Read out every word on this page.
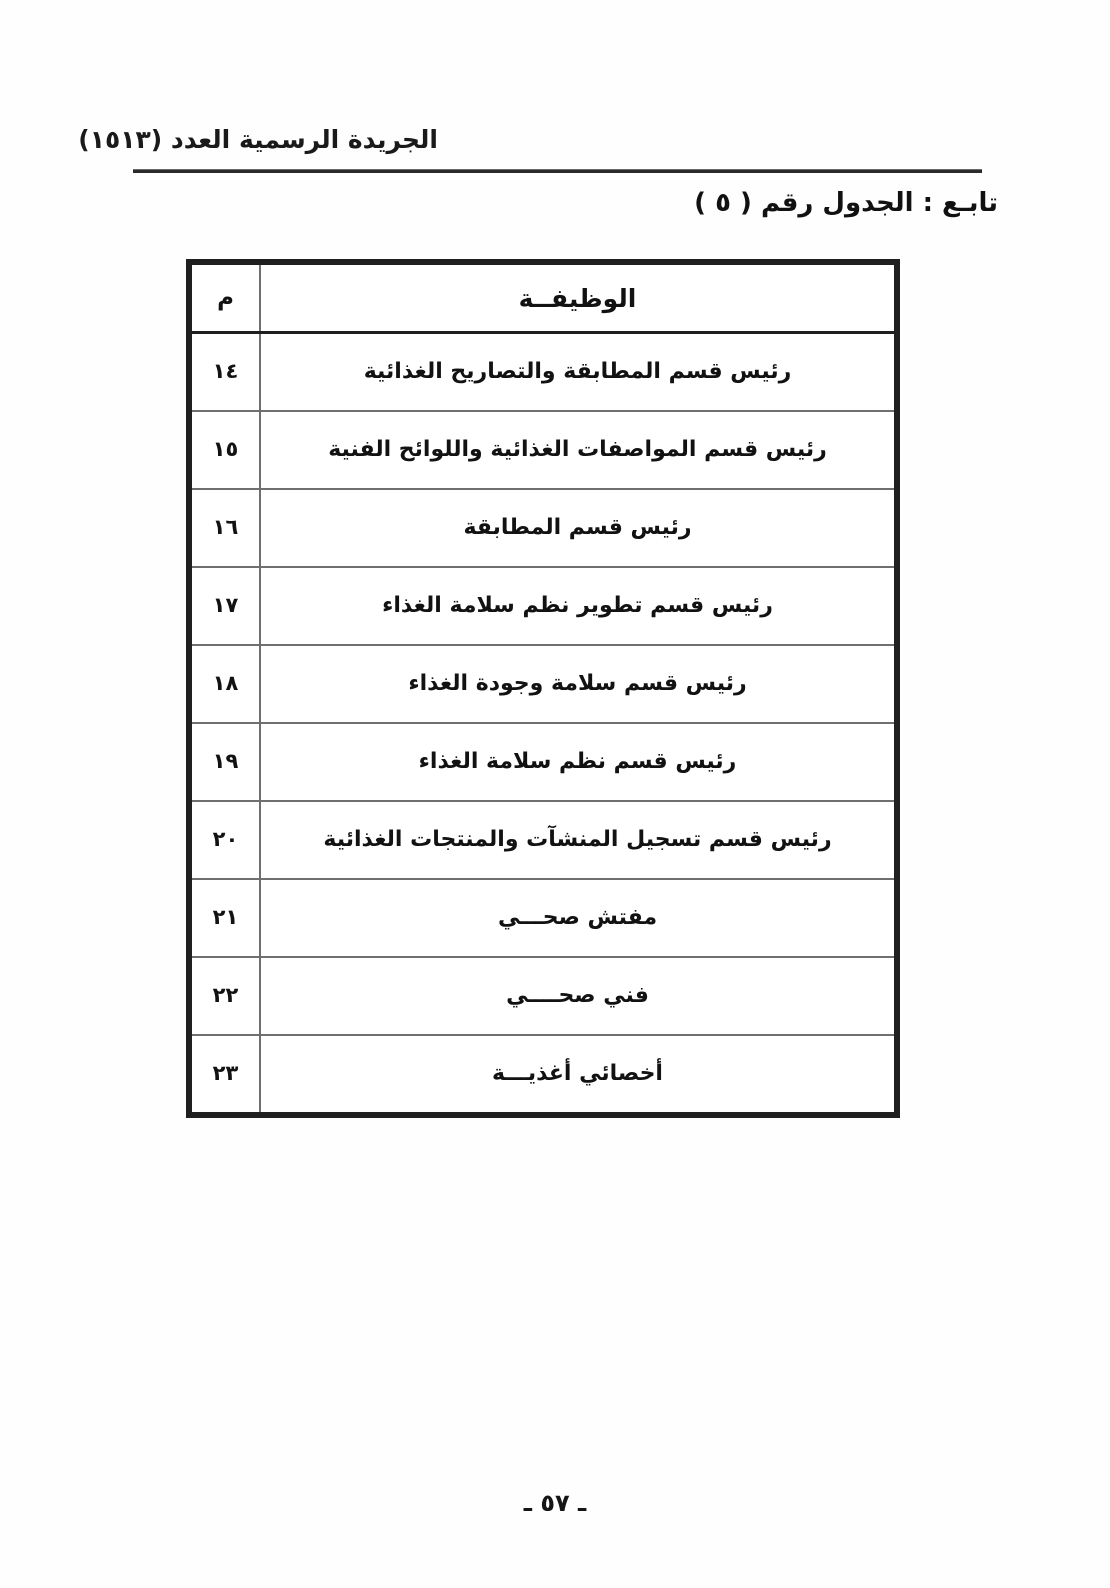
الجريدة الرسمية العدد (١٥١٣)
تابـع : الجدول رقم ( ٥ )
الوظيفــة	م
رئيس قسم المطابقة والتصاريح الغذائية	١٤
رئيس قسم المواصفات الغذائية واللوائح الفنية	١٥
رئيس قسم المطابقة	١٦
رئيس قسم تطوير نظم سلامة الغذاء	١٧
رئيس قسم سلامة وجودة الغذاء	١٨
رئيس قسم نظم سلامة الغذاء	١٩
رئيس قسم تسجيل المنشآت والمنتجات الغذائية	٢٠
مفتش صحـــي	٢١
فني صحــــي	٢٢
أخصائي أغذيـــة	٢٣
ـ ٥٧ ـ
